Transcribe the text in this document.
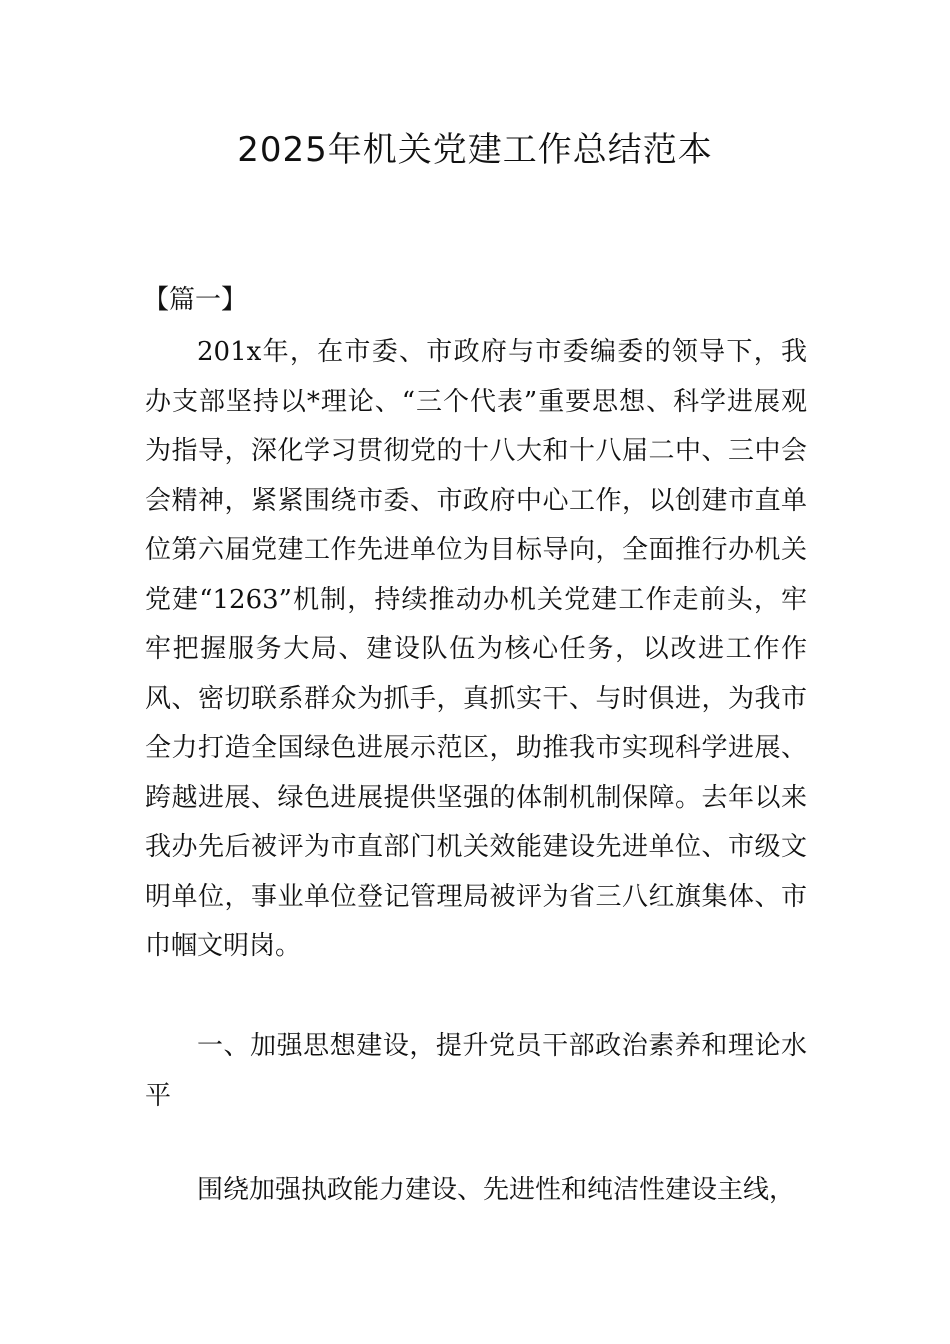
2025年机关党建工作总结范本

【篇一】

201x年，在市委、市政府与市委编委的领导下，我办支部坚持以*理论、“三个代表”重要思想、科学进展观为指导，深化学习贯彻党的十八大和十八届二中、三中会会精神，紧紧围绕市委、市政府中心工作，以创建市直单位第六届党建工作先进单位为目标导向，全面推行办机关党建“1263”机制，持续推动办机关党建工作走前头，牢牢把握服务大局、建设队伍为核心任务，以改进工作作风、密切联系群众为抓手，真抓实干、与时俱进，为我市全力打造全国绿色进展示范区，助推我市实现科学进展、跨越进展、绿色进展提供坚强的体制机制保障。去年以来我办先后被评为市直部门机关效能建设先进单位、市级文明单位，事业单位登记管理局被评为省三八红旗集体、市巾帼文明岗。

一、加强思想建设，提升党员干部政治素养和理论水平

围绕加强执政能力建设、先进性和纯洁性建设主线，
